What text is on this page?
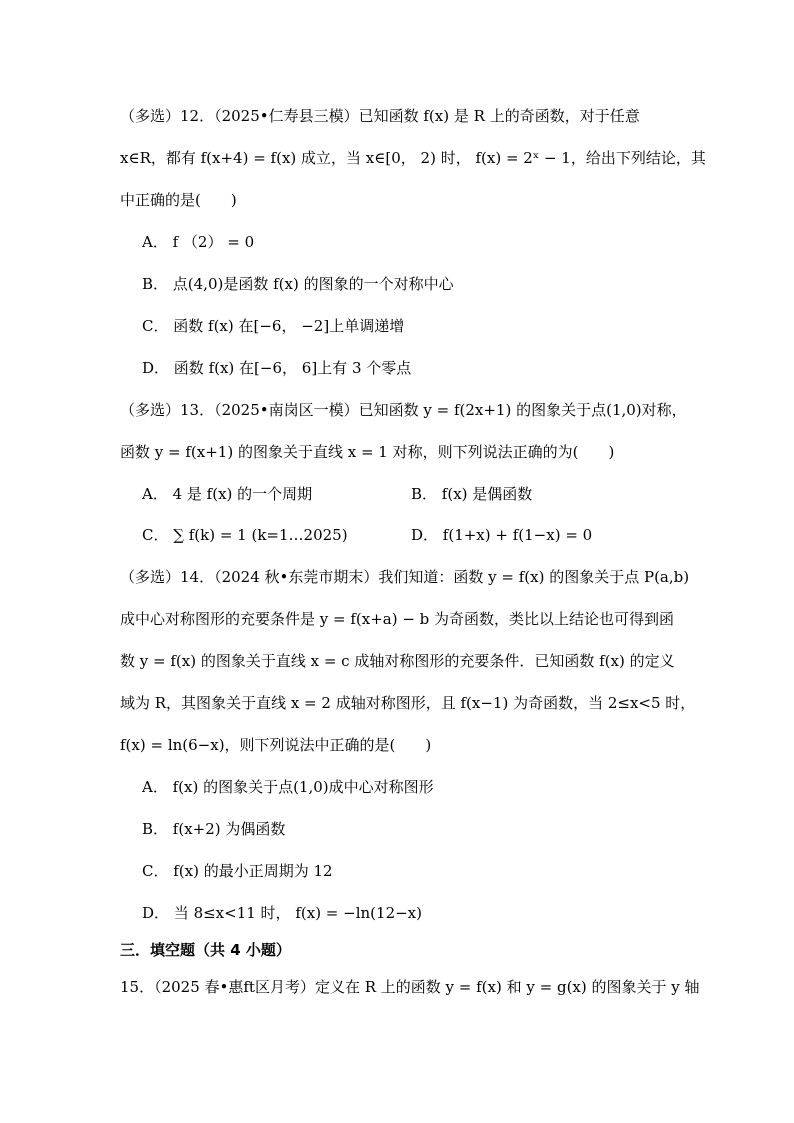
（多选）12．（2025•仁寿县三模）已知函数 f(x) 是 R 上的奇函数，对于任意
x∈R，都有 f(x+4) = f(x) 成立，当 x∈[0， 2) 时， f(x) = 2ˣ − 1，给出下列结论，其
中正确的是(　　)
A． f （2） = 0
B． 点(4,0)是函数 f(x) 的图象的一个对称中心
C． 函数 f(x) 在[−6， −2]上单调递增
D． 函数 f(x) 在[−6， 6]上有 3 个零点
（多选）13．（2025•南岗区一模）已知函数 y = f(2x+1) 的图象关于点(1,0)对称，
函数 y = f(x+1) 的图象关于直线 x = 1 对称，则下列说法正确的为(　　)
A． 4 是 f(x) 的一个周期	B． f(x) 是偶函数
C． ∑ f(k) = 1 (k=1…2025)	D． f(1+x) + f(1−x) = 0
（多选）14．（2024 秋•东莞市期末）我们知道：函数 y = f(x) 的图象关于点 P(a,b)
成中心对称图形的充要条件是 y = f(x+a) − b 为奇函数，类比以上结论也可得到函
数 y = f(x) 的图象关于直线 x = c 成轴对称图形的充要条件．已知函数 f(x) 的定义
域为 R，其图象关于直线 x = 2 成轴对称图形，且 f(x−1) 为奇函数，当 2≤x<5 时，
f(x) = ln(6−x)，则下列说法中正确的是(　　)
A． f(x) 的图象关于点(1,0)成中心对称图形
B． f(x+2) 为偶函数
C． f(x) 的最小正周期为 12
D． 当 8≤x<11 时， f(x) = −ln(12−x)
三．填空题（共 4 小题）
15．（2025 春•惠ft区月考）定义在 R 上的函数 y = f(x) 和 y = g(x) 的图象关于 y 轴
